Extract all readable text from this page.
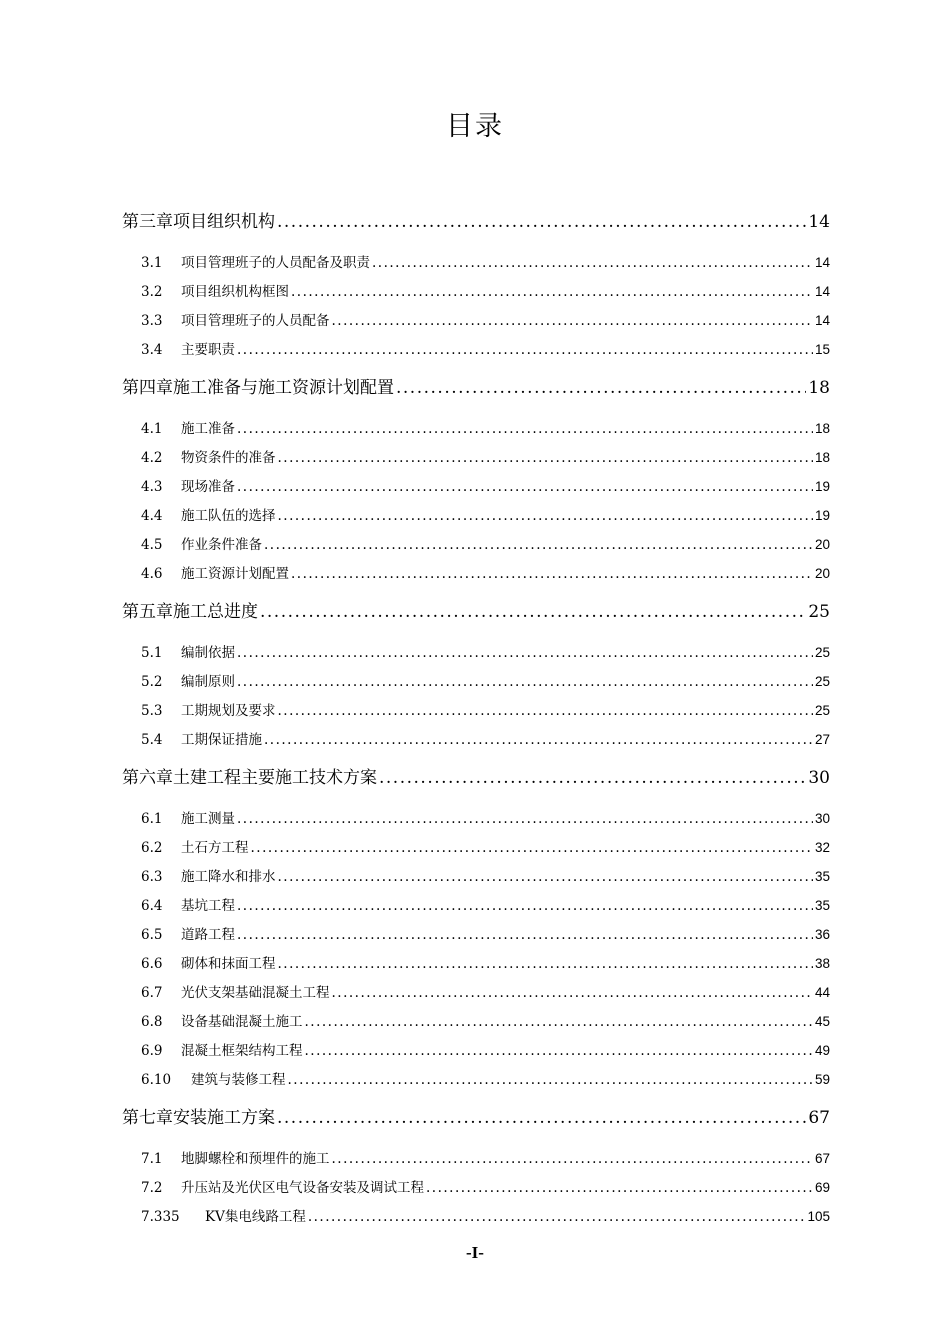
目录
第三章项目组织机构 .....	14
3.1	项目管理班子的人员配备及职责 .....	14
3.2	项目组织机构框图 .....	14
3.3	项目管理班子的人员配备 .....	14
3.4	主要职责 .....	15
第四章施工准备与施工资源计划配置 .....	18
4.1	施工准备 .....	18
4.2	物资条件的准备 .....	18
4.3	现场准备 .....	19
4.4	施工队伍的选择 .....	19
4.5	作业条件准备 .....	20
4.6	施工资源计划配置 .....	20
第五章施工总进度 .....	25
5.1	编制依据 .....	25
5.2	编制原则 .....	25
5.3	工期规划及要求 .....	25
5.4	工期保证措施 .....	27
第六章土建工程主要施工技术方案 .....	30
6.1	施工测量 .....	30
6.2	土石方工程 .....	32
6.3	施工降水和排水 .....	35
6.4	基坑工程 .....	35
6.5	道路工程 .....	36
6.6	砌体和抹面工程 .....	38
6.7	光伏支架基础混凝土工程 .....	44
6.8	设备基础混凝土施工 .....	45
6.9	混凝土框架结构工程 .....	49
6.10	建筑与装修工程 .....	59
第七章安装施工方案 .....	67
7.1	地脚螺栓和预埋件的施工 .....	67
7.2	升压站及光伏区电气设备安装及调试工程 .....	69
7.335	KV集电线路工程 .....	105
-I-
